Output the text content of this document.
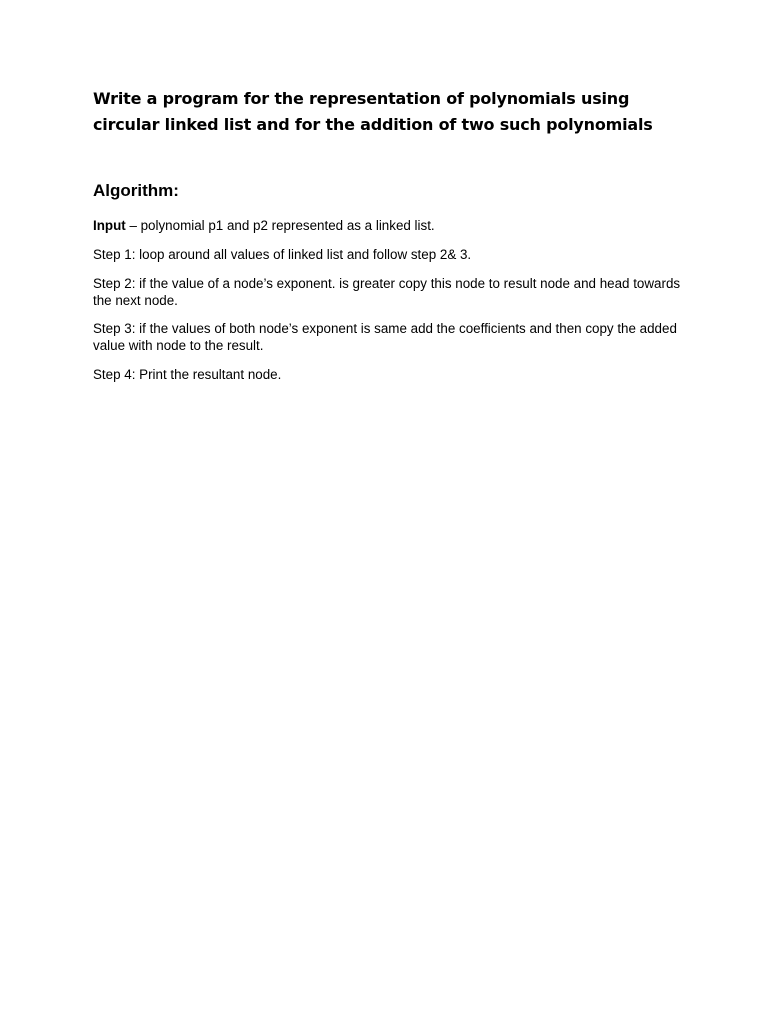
Write a program for the representation of polynomials using circular linked list and for the addition of two such polynomials
Algorithm:

Input – polynomial p1 and p2 represented as a linked list.

Step 1: loop around all values of linked list and follow step 2& 3.

Step 2: if the value of a node’s exponent. is greater copy this node to result node and head towards the next node.

Step 3: if the values of both node’s exponent is same add the coefficients and then copy the added value with node to the result.

Step 4: Print the resultant node.
